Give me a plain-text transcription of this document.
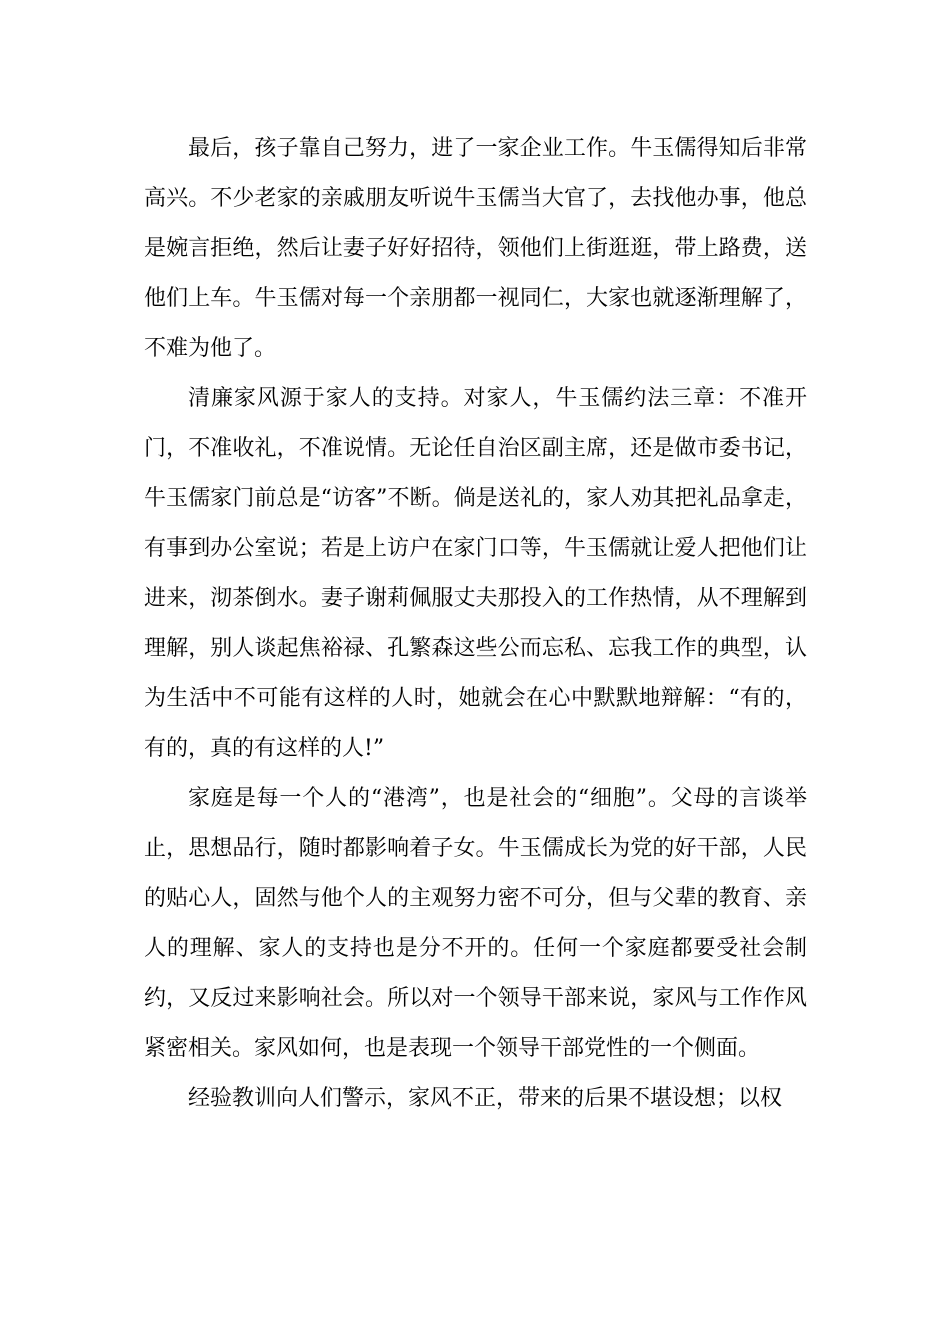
最后，孩子靠自己努力，进了一家企业工作。牛玉儒得知后非常高兴。不少老家的亲戚朋友听说牛玉儒当大官了，去找他办事，他总是婉言拒绝，然后让妻子好好招待，领他们上街逛逛，带上路费，送他们上车。牛玉儒对每一个亲朋都一视同仁，大家也就逐渐理解了，不难为他了。

清廉家风源于家人的支持。对家人，牛玉儒约法三章：不准开门，不准收礼，不准说情。无论任自治区副主席，还是做市委书记，牛玉儒家门前总是“访客”不断。倘是送礼的，家人劝其把礼品拿走，有事到办公室说；若是上访户在家门口等，牛玉儒就让爱人把他们让进来，沏茶倒水。妻子谢莉佩服丈夫那投入的工作热情，从不理解到理解，别人谈起焦裕禄、孔繁森这些公而忘私、忘我工作的典型，认为生活中不可能有这样的人时，她就会在心中默默地辩解：“有的，有的，真的有这样的人!”

家庭是每一个人的“港湾”，也是社会的“细胞”。父母的言谈举止，思想品行，随时都影响着子女。牛玉儒成长为党的好干部，人民的贴心人，固然与他个人的主观努力密不可分，但与父辈的教育、亲人的理解、家人的支持也是分不开的。任何一个家庭都要受社会制约，又反过来影响社会。所以对一个领导干部来说，家风与工作作风紧密相关。家风如何，也是表现一个领导干部党性的一个侧面。

经验教训向人们警示，家风不正，带来的后果不堪设想；以权
